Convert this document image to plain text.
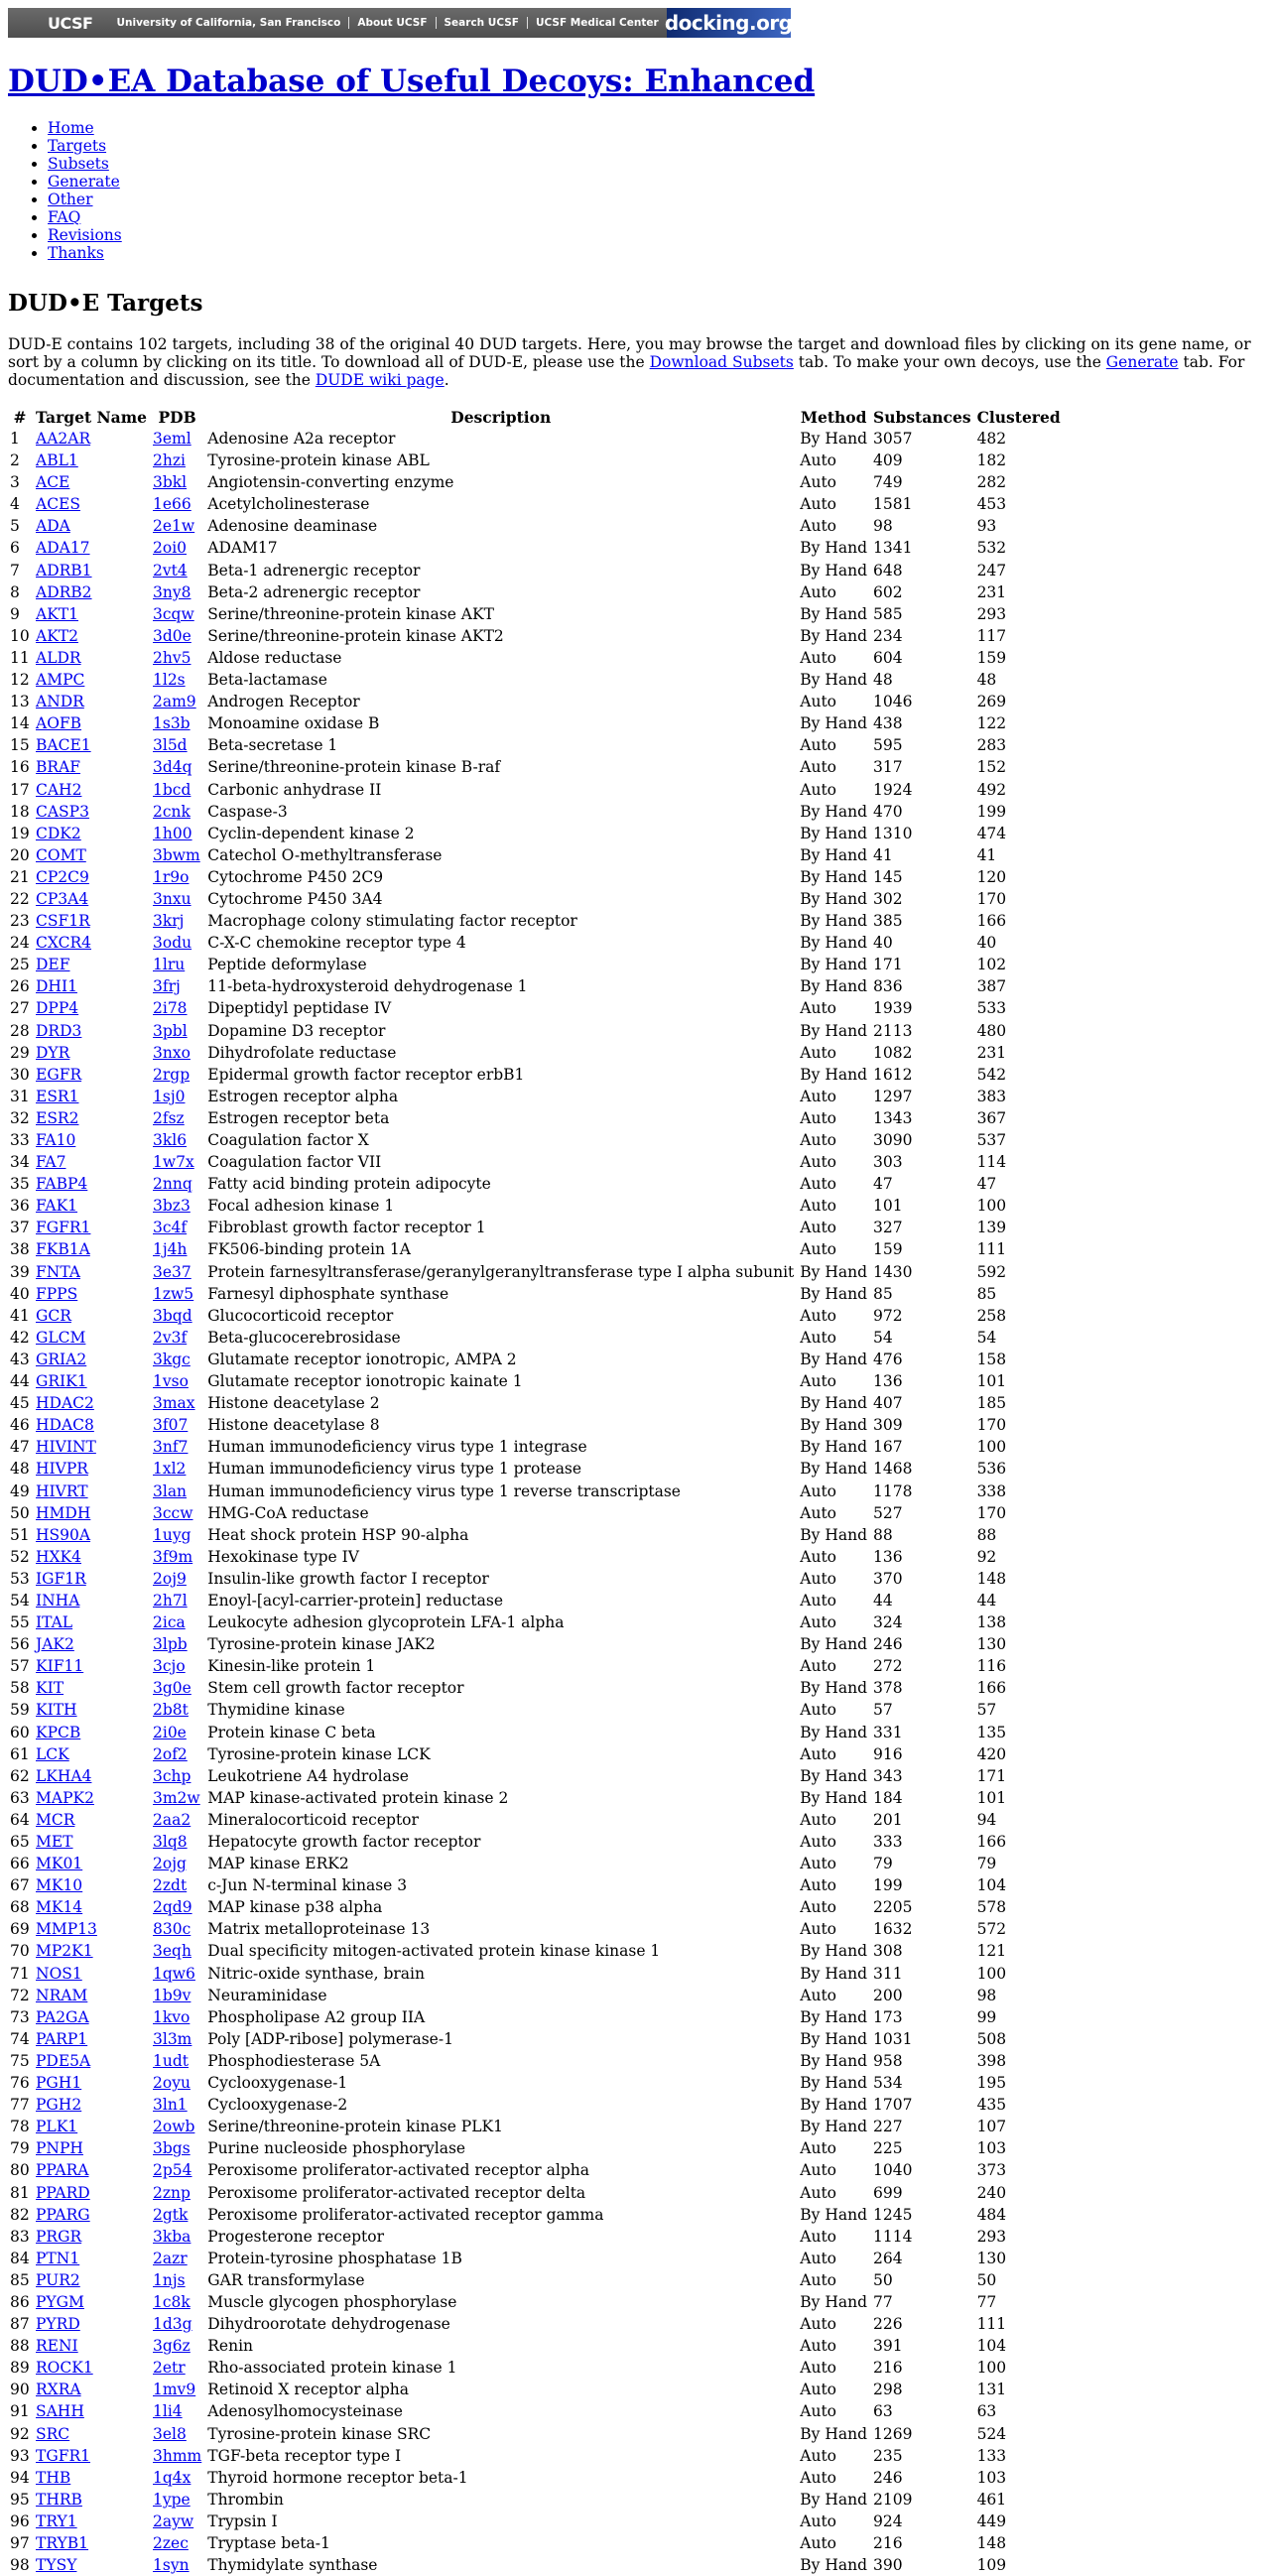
UCSF	University of California, San Francisco	About UCSF	Search UCSF	UCSF Medical Center docking.org
DUD•EA Database of Useful Decoys: Enhanced
• Home
• Targets
• Subsets
• Generate
• Other
• FAQ
• Revisions
• Thanks
DUD•E Targets

DUD-E contains 102 targets, including 38 of the original 40 DUD targets. Here, you may browse the target and download files by clicking on its gene name, or sort by a column by clicking on its title. To download all of DUD-E, please use the Download Subsets tab. To make your own decoys, use the Generate tab. For documentation and discussion, see the DUDE wiki page.

#	Target Name	PDB	Description	Method	Substances	Clustered
1	AA2AR	3eml	Adenosine A2a receptor	By Hand	3057	482
2	ABL1	2hzi	Tyrosine-protein kinase ABL	Auto	409	182
3	ACE	3bkl	Angiotensin-converting enzyme	Auto	749	282
4	ACES	1e66	Acetylcholinesterase	Auto	1581	453
5	ADA	2e1w	Adenosine deaminase	Auto	98	93
6	ADA17	2oi0	ADAM17	By Hand	1341	532
7	ADRB1	2vt4	Beta-1 adrenergic receptor	By Hand	648	247
8	ADRB2	3ny8	Beta-2 adrenergic receptor	Auto	602	231
9	AKT1	3cqw	Serine/threonine-protein kinase AKT	By Hand	585	293
10	AKT2	3d0e	Serine/threonine-protein kinase AKT2	By Hand	234	117
11	ALDR	2hv5	Aldose reductase	Auto	604	159
12	AMPC	1l2s	Beta-lactamase	By Hand	48	48
13	ANDR	2am9	Androgen Receptor	Auto	1046	269
14	AOFB	1s3b	Monoamine oxidase B	By Hand	438	122
15	BACE1	3l5d	Beta-secretase 1	Auto	595	283
16	BRAF	3d4q	Serine/threonine-protein kinase B-raf	Auto	317	152
17	CAH2	1bcd	Carbonic anhydrase II	Auto	1924	492
18	CASP3	2cnk	Caspase-3	By Hand	470	199
19	CDK2	1h00	Cyclin-dependent kinase 2	By Hand	1310	474
20	COMT	3bwm	Catechol O-methyltransferase	By Hand	41	41
21	CP2C9	1r9o	Cytochrome P450 2C9	By Hand	145	120
22	CP3A4	3nxu	Cytochrome P450 3A4	By Hand	302	170
23	CSF1R	3krj	Macrophage colony stimulating factor receptor	By Hand	385	166
24	CXCR4	3odu	C-X-C chemokine receptor type 4	By Hand	40	40
25	DEF	1lru	Peptide deformylase	By Hand	171	102
26	DHI1	3frj	11-beta-hydroxysteroid dehydrogenase 1	By Hand	836	387
27	DPP4	2i78	Dipeptidyl peptidase IV	Auto	1939	533
28	DRD3	3pbl	Dopamine D3 receptor	By Hand	2113	480
29	DYR	3nxo	Dihydrofolate reductase	Auto	1082	231
30	EGFR	2rgp	Epidermal growth factor receptor erbB1	By Hand	1612	542
31	ESR1	1sj0	Estrogen receptor alpha	Auto	1297	383
32	ESR2	2fsz	Estrogen receptor beta	Auto	1343	367
33	FA10	3kl6	Coagulation factor X	Auto	3090	537
34	FA7	1w7x	Coagulation factor VII	Auto	303	114
35	FABP4	2nnq	Fatty acid binding protein adipocyte	Auto	47	47
36	FAK1	3bz3	Focal adhesion kinase 1	Auto	101	100
37	FGFR1	3c4f	Fibroblast growth factor receptor 1	Auto	327	139
38	FKB1A	1j4h	FK506-binding protein 1A	Auto	159	111
39	FNTA	3e37	Protein farnesyltransferase/geranylgeranyltransferase type I alpha subunit	By Hand	1430	592
40	FPPS	1zw5	Farnesyl diphosphate synthase	By Hand	85	85
41	GCR	3bqd	Glucocorticoid receptor	Auto	972	258
42	GLCM	2v3f	Beta-glucocerebrosidase	Auto	54	54
43	GRIA2	3kgc	Glutamate receptor ionotropic, AMPA 2	By Hand	476	158
44	GRIK1	1vso	Glutamate receptor ionotropic kainate 1	Auto	136	101
45	HDAC2	3max	Histone deacetylase 2	By Hand	407	185
46	HDAC8	3f07	Histone deacetylase 8	By Hand	309	170
47	HIVINT	3nf7	Human immunodeficiency virus type 1 integrase	By Hand	167	100
48	HIVPR	1xl2	Human immunodeficiency virus type 1 protease	By Hand	1468	536
49	HIVRT	3lan	Human immunodeficiency virus type 1 reverse transcriptase	Auto	1178	338
50	HMDH	3ccw	HMG-CoA reductase	Auto	527	170
51	HS90A	1uyg	Heat shock protein HSP 90-alpha	By Hand	88	88
52	HXK4	3f9m	Hexokinase type IV	Auto	136	92
53	IGF1R	2oj9	Insulin-like growth factor I receptor	Auto	370	148
54	INHA	2h7l	Enoyl-[acyl-carrier-protein] reductase	Auto	44	44
55	ITAL	2ica	Leukocyte adhesion glycoprotein LFA-1 alpha	Auto	324	138
56	JAK2	3lpb	Tyrosine-protein kinase JAK2	By Hand	246	130
57	KIF11	3cjo	Kinesin-like protein 1	Auto	272	116
58	KIT	3g0e	Stem cell growth factor receptor	By Hand	378	166
59	KITH	2b8t	Thymidine kinase	Auto	57	57
60	KPCB	2i0e	Protein kinase C beta	By Hand	331	135
61	LCK	2of2	Tyrosine-protein kinase LCK	Auto	916	420
62	LKHA4	3chp	Leukotriene A4 hydrolase	By Hand	343	171
63	MAPK2	3m2w	MAP kinase-activated protein kinase 2	By Hand	184	101
64	MCR	2aa2	Mineralocorticoid receptor	Auto	201	94
65	MET	3lq8	Hepatocyte growth factor receptor	Auto	333	166
66	MK01	2ojg	MAP kinase ERK2	Auto	79	79
67	MK10	2zdt	c-Jun N-terminal kinase 3	Auto	199	104
68	MK14	2qd9	MAP kinase p38 alpha	Auto	2205	578
69	MMP13	830c	Matrix metalloproteinase 13	Auto	1632	572
70	MP2K1	3eqh	Dual specificity mitogen-activated protein kinase kinase 1	By Hand	308	121
71	NOS1	1qw6	Nitric-oxide synthase, brain	By Hand	311	100
72	NRAM	1b9v	Neuraminidase	Auto	200	98
73	PA2GA	1kvo	Phospholipase A2 group IIA	By Hand	173	99
74	PARP1	3l3m	Poly [ADP-ribose] polymerase-1	By Hand	1031	508
75	PDE5A	1udt	Phosphodiesterase 5A	By Hand	958	398
76	PGH1	2oyu	Cyclooxygenase-1	By Hand	534	195
77	PGH2	3ln1	Cyclooxygenase-2	By Hand	1707	435
78	PLK1	2owb	Serine/threonine-protein kinase PLK1	By Hand	227	107
79	PNPH	3bgs	Purine nucleoside phosphorylase	Auto	225	103
80	PPARA	2p54	Peroxisome proliferator-activated receptor alpha	Auto	1040	373
81	PPARD	2znp	Peroxisome proliferator-activated receptor delta	Auto	699	240
82	PPARG	2gtk	Peroxisome proliferator-activated receptor gamma	By Hand	1245	484
83	PRGR	3kba	Progesterone receptor	Auto	1114	293
84	PTN1	2azr	Protein-tyrosine phosphatase 1B	Auto	264	130
85	PUR2	1njs	GAR transformylase	Auto	50	50
86	PYGM	1c8k	Muscle glycogen phosphorylase	By Hand	77	77
87	PYRD	1d3g	Dihydroorotate dehydrogenase	Auto	226	111
88	RENI	3g6z	Renin	Auto	391	104
89	ROCK1	2etr	Rho-associated protein kinase 1	Auto	216	100
90	RXRA	1mv9	Retinoid X receptor alpha	Auto	298	131
91	SAHH	1li4	Adenosylhomocysteinase	Auto	63	63
92	SRC	3el8	Tyrosine-protein kinase SRC	By Hand	1269	524
93	TGFR1	3hmm	TGF-beta receptor type I	Auto	235	133
94	THB	1q4x	Thyroid hormone receptor beta-1	Auto	246	103
95	THRB	1ype	Thrombin	By Hand	2109	461
96	TRY1	2ayw	Trypsin I	Auto	924	449
97	TRYB1	2zec	Tryptase beta-1	Auto	216	148
98	TYSY	1syn	Thymidylate synthase	By Hand	390	109
